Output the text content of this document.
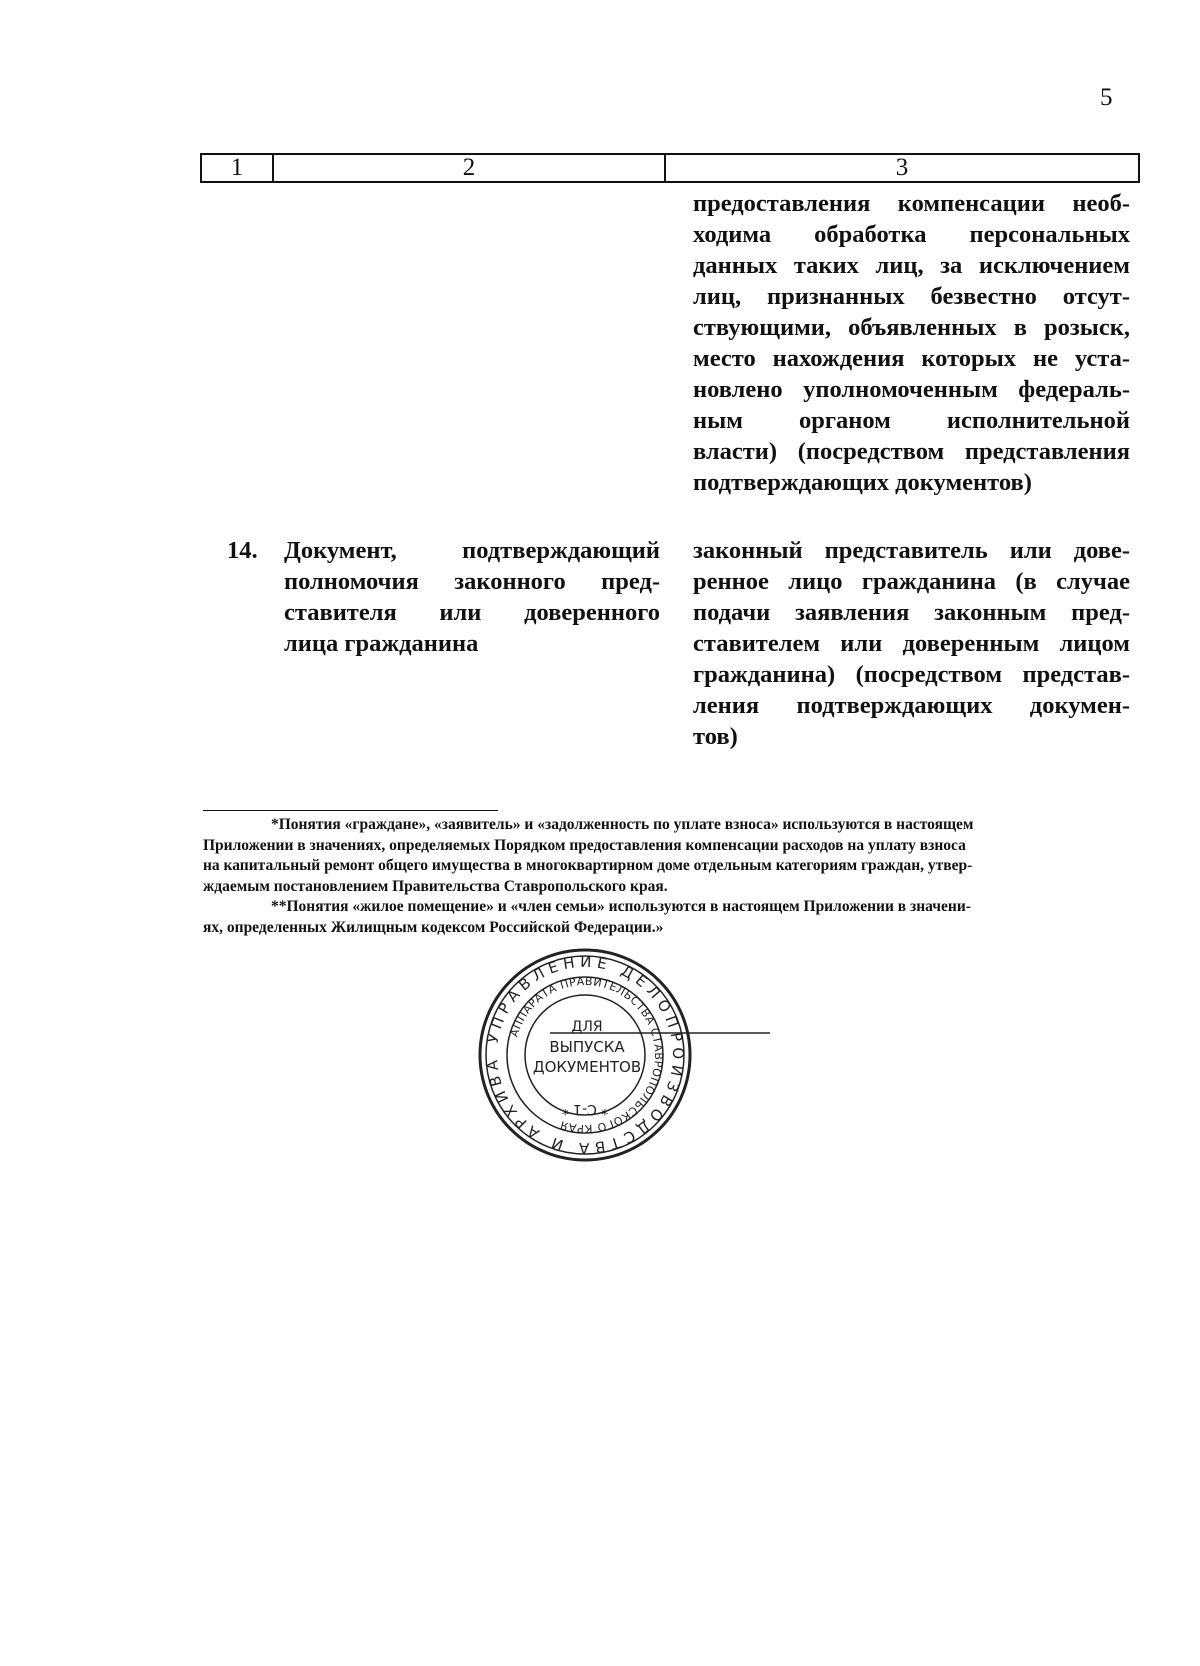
5
1	2	3
предоставления компенсации необ-
ходима обработка персональных
данных таких лиц, за исключением
лиц, признанных безвестно отсут-
ствующими, объявленных в розыск,
место нахождения которых не уста-
новлено уполномоченным федераль-
ным органом исполнительной
власти) (посредством представления
подтверждающих документов)
14. Документ, подтверждающий
полномочия законного пред-
ставителя или доверенного
лица гражданина
законный представитель или дове-
ренное лицо гражданина (в случае
подачи заявления законным пред-
ставителем или доверенным лицом
гражданина) (посредством представ-
ления подтверждающих докумен-
тов)
*Понятия «граждане», «заявитель» и «задолженность по уплате взноса» используются в настоящем
Приложении в значениях, определяемых Порядком предоставления компенсации расходов на уплату взноса
на капитальный ремонт общего имущества в многоквартирном доме отдельным категориям граждан, утвер-
ждаемым постановлением Правительства Ставропольского края.
**Понятия «жилое помещение» и «член семьи» используются в настоящем Приложении в значени-
ях, определенных Жилищным кодексом Российской Федерации.»
УПРАВЛЕНИЕ ДЕЛОПРОИЗВОДСТВА И АРХИВА
АППАРАТА ПРАВИТЕЛЬСТВА СТАВРОПОЛЬСКОГО КРАЯ
ДЛЯ
ВЫПУСКА
ДОКУМЕНТОВ
* С-1 *
